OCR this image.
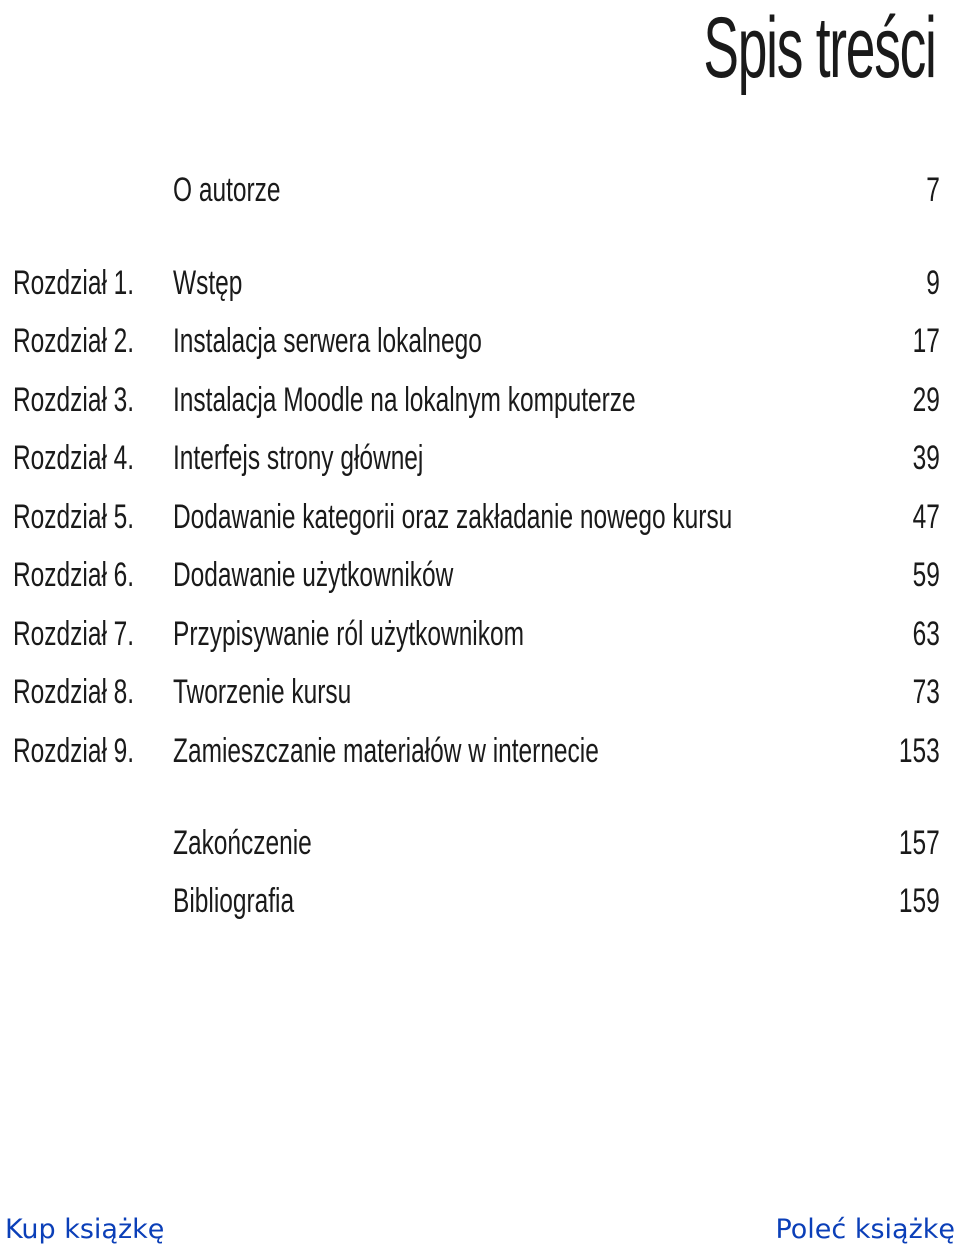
Spis treści
O autorze	7
Rozdział 1. Wstęp	9
Rozdział 2. Instalacja serwera lokalnego	17
Rozdział 3. Instalacja Moodle na lokalnym komputerze	29
Rozdział 4. Interfejs strony głównej	39
Rozdział 5. Dodawanie kategorii oraz zakładanie nowego kursu	47
Rozdział 6. Dodawanie użytkowników	59
Rozdział 7. Przypisywanie ról użytkownikom	63
Rozdział 8. Tworzenie kursu	73
Rozdział 9. Zamieszczanie materiałów w internecie	153
Zakończenie	157
Bibliografia	159
Kup książkę	Poleć książkę
